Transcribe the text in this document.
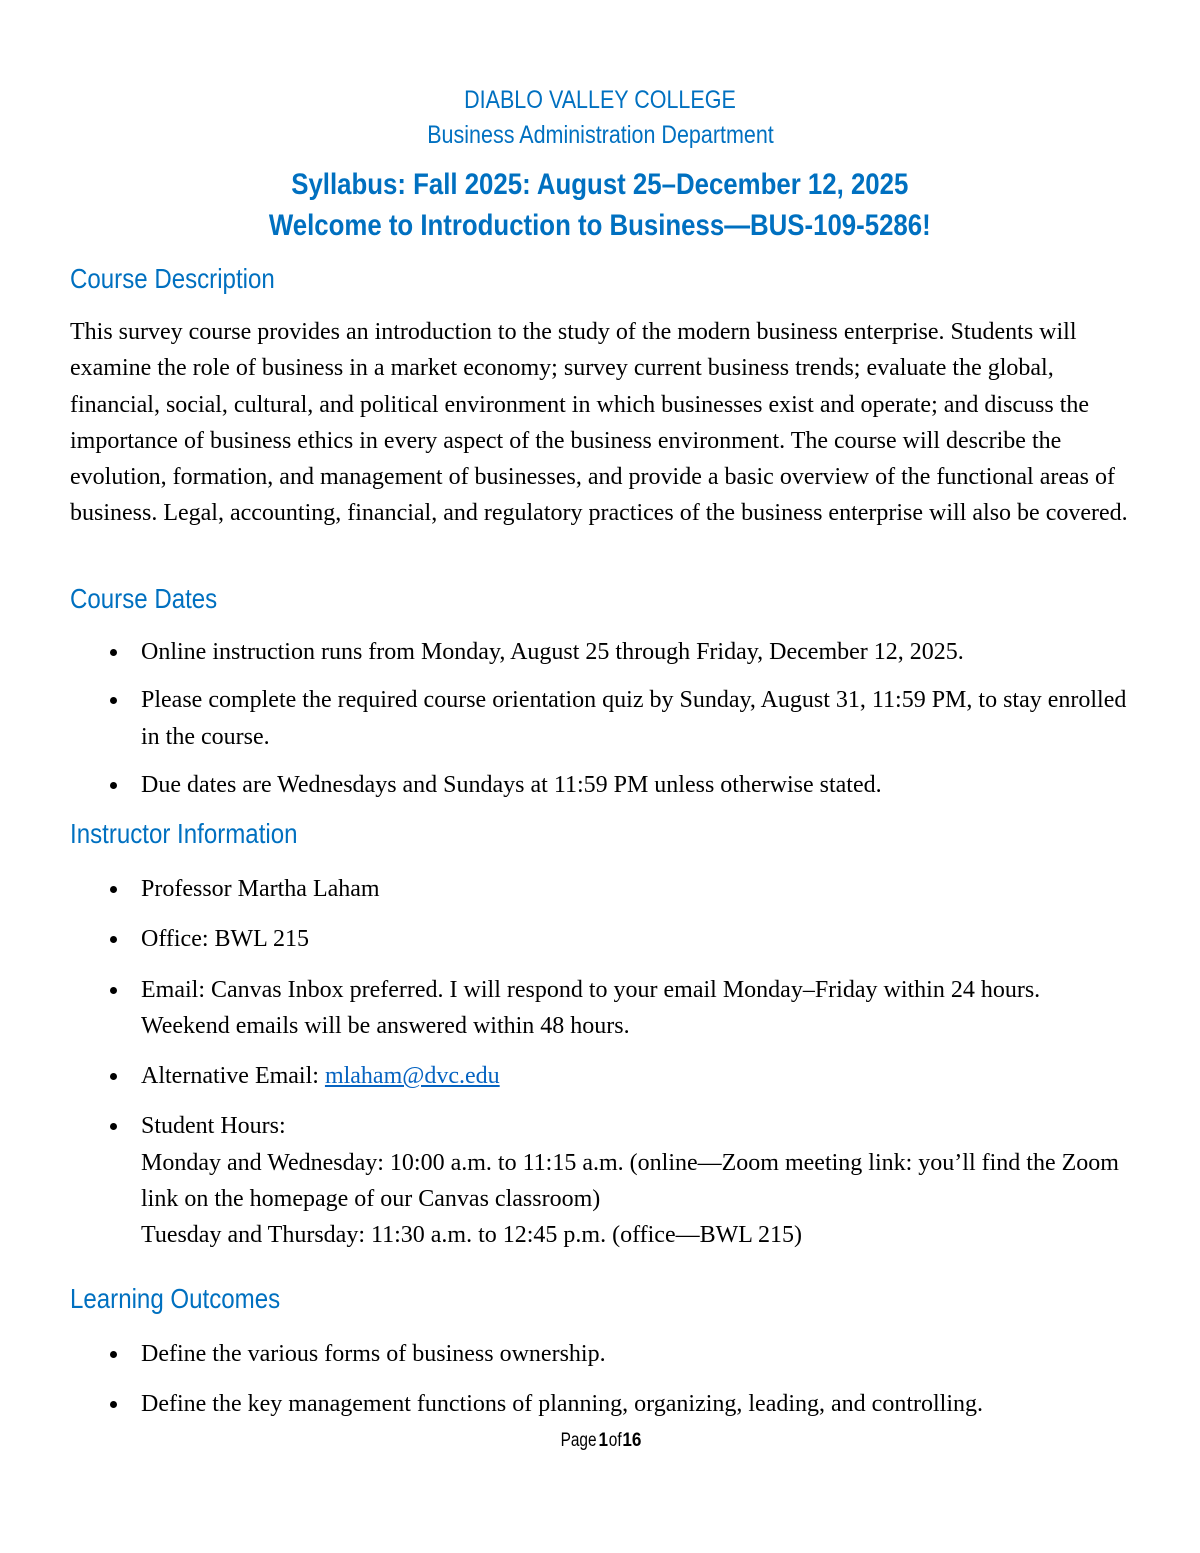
DIABLO VALLEY COLLEGE
Business Administration Department
Syllabus: Fall 2025: August 25–December 12, 2025
Welcome to Introduction to Business—BUS-109-5286!
Course Description
This survey course provides an introduction to the study of the modern business enterprise. Students will examine the role of business in a market economy; survey current business trends; evaluate the global, financial, social, cultural, and political environment in which businesses exist and operate; and discuss the importance of business ethics in every aspect of the business environment. The course will describe the evolution, formation, and management of businesses, and provide a basic overview of the functional areas of business. Legal, accounting, financial, and regulatory practices of the business enterprise will also be covered.
Course Dates
Online instruction runs from Monday, August 25 through Friday, December 12, 2025.
Please complete the required course orientation quiz by Sunday, August 31, 11:59 PM, to stay enrolled in the course.
Due dates are Wednesdays and Sundays at 11:59 PM unless otherwise stated.
Instructor Information
Professor Martha Laham
Office: BWL 215
Email: Canvas Inbox preferred. I will respond to your email Monday–Friday within 24 hours. Weekend emails will be answered within 48 hours.
Alternative Email: mlaham@dvc.edu
Student Hours:
Monday and Wednesday: 10:00 a.m. to 11:15 a.m. (online—Zoom meeting link: you’ll find the Zoom link on the homepage of our Canvas classroom)
Tuesday and Thursday: 11:30 a.m. to 12:45 p.m. (office—BWL 215)
Learning Outcomes
Define the various forms of business ownership.
Define the key management functions of planning, organizing, leading, and controlling.
Page1of16
